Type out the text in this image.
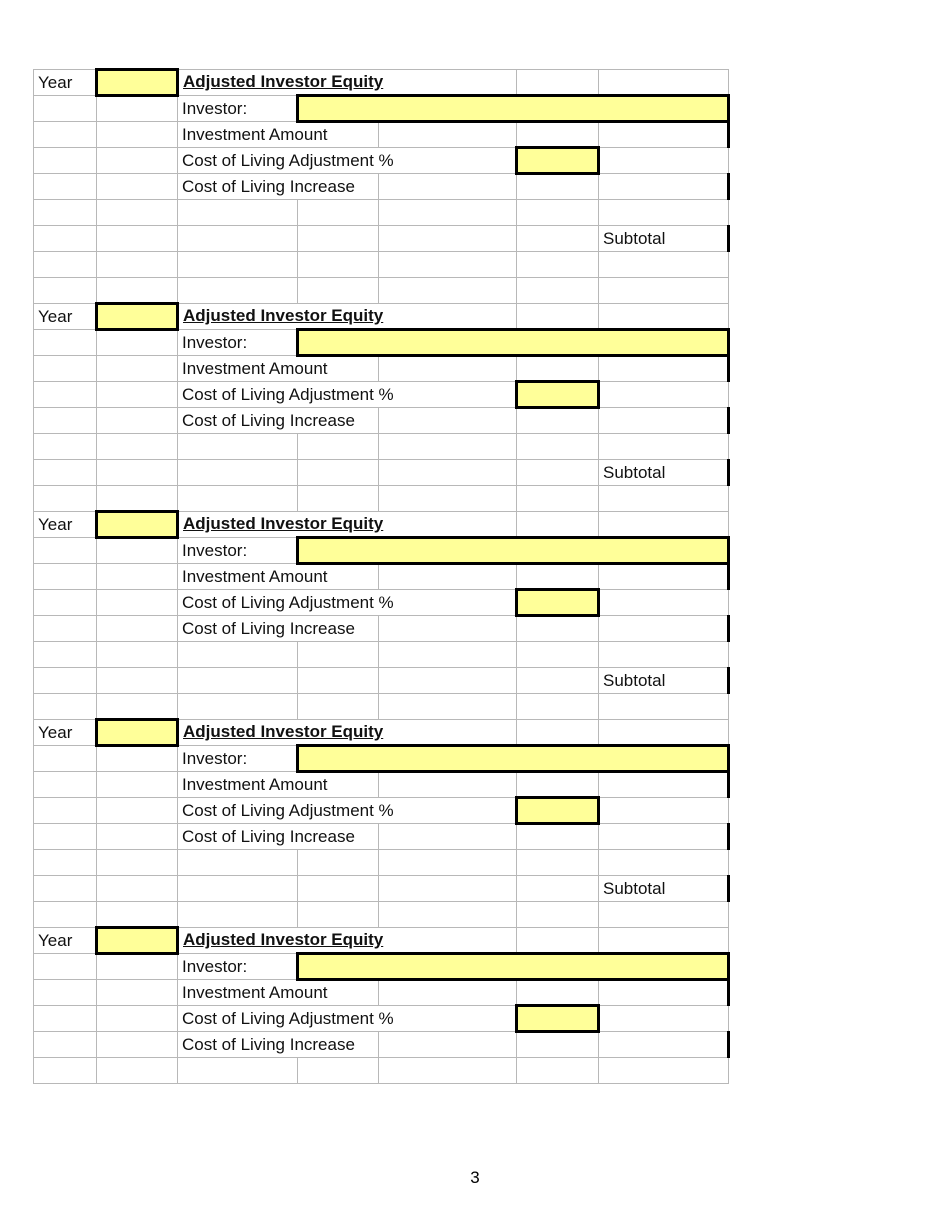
Year		Adjusted Investor Equity				
		Investor:				
		Investment Amount				
		Cost of Living Adjustment %				
		Cost of Living Increase				

						Subtotal

Year		Adjusted Investor Equity				
		Investor:				
		Investment Amount				
		Cost of Living Adjustment %				
		Cost of Living Increase				

						Subtotal

Year		Adjusted Investor Equity				
		Investor:				
		Investment Amount				
		Cost of Living Adjustment %				
		Cost of Living Increase				

						Subtotal

Year		Adjusted Investor Equity				
		Investor:				
		Investment Amount				
		Cost of Living Adjustment %				
		Cost of Living Increase				

						Subtotal

Year		Adjusted Investor Equity				
		Investor:				
		Investment Amount				
		Cost of Living Adjustment %				
		Cost of Living Increase				

3
